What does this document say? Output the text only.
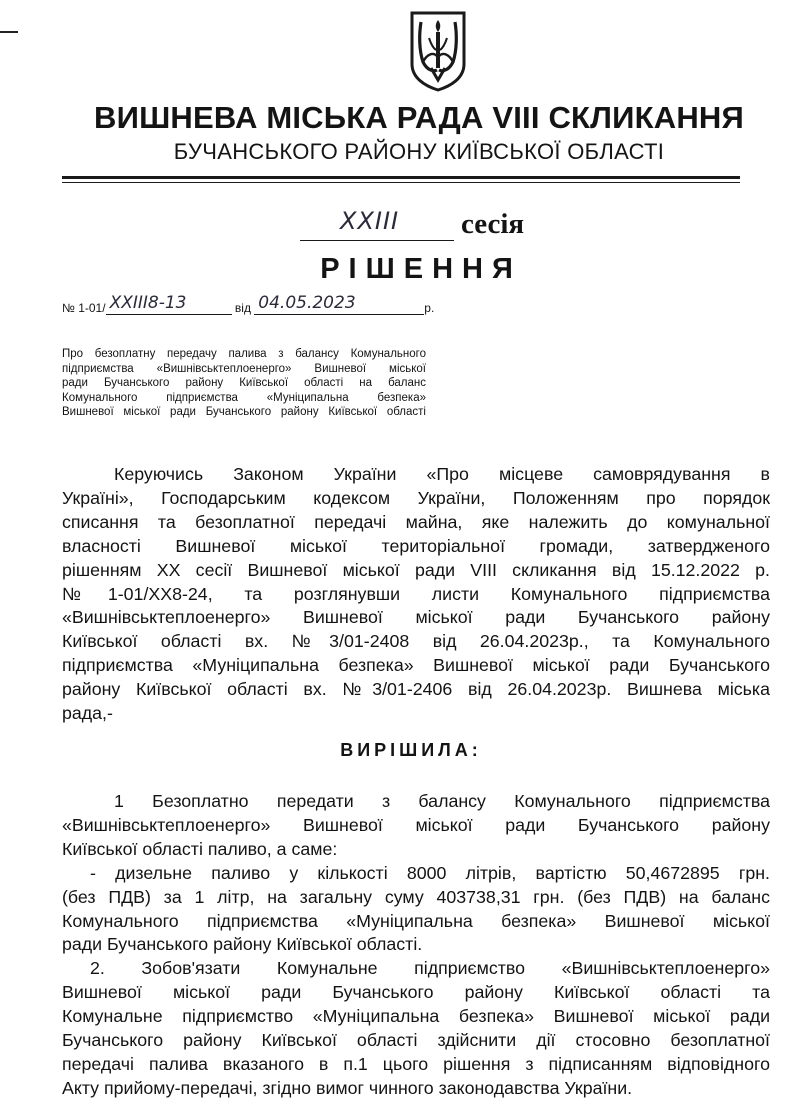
ВИШНЕВА МІСЬКА РАДА VIII СКЛИКАННЯ
БУЧАНСЬКОГО РАЙОНУ КИЇВСЬКОЇ ОБЛАСТІ
XXIII сесія
РІШЕННЯ
№ 1-01/ XXIII8-13	від 04.05.2023	р.
Про безоплатну передачу палива з балансу Комунального
підприємства «Вишнівськтеплоенерго» Вишневої міської
ради Бучанського району Київської області на баланс
Комунального підприємства «Муніципальна безпека»
Вишневої міської ради Бучанського району Київської області
Керуючись Законом України «Про місцеве самоврядування в
Україні», Господарським кодексом України, Положенням про порядок
списання та безоплатної передачі майна, яке належить до комунальної
власності Вишневої міської територіальної громади, затвердженого
рішенням XX сесії Вишневої міської ради VIII скликання від 15.12.2022 р.
№1-01/XX8-24, та розглянувши листи Комунального підприємства
«Вишнівськтеплоенерго» Вишневої міської ради Бучанського району
Київської області вх. №3/01-2408 від 26.04.2023р., та Комунального
підприємства «Муніципальна безпека» Вишневої міської ради Бучанського
району Київської області вх. №3/01-2406 від 26.04.2023р. Вишнева міська
рада,-
ВИРІШИЛА:
1 Безоплатно передати з балансу Комунального підприємства
«Вишнівськтеплоенерго» Вишневої міської ради Бучанського району
Київської області паливо, а саме:
- дизельне паливо у кількості 8000 літрів, вартістю 50,4672895 грн.
(без ПДВ) за 1 літр, на загальну суму 403738,31 грн. (без ПДВ) на баланс
Комунального підприємства «Муніципальна безпека» Вишневої міської
ради Бучанського району Київської області.
2. Зобов'язати Комунальне підприємство «Вишнівськтеплоенерго»
Вишневої міської ради Бучанського району Київської області та
Комунальне підприємство «Муніципальна безпека» Вишневої міської ради
Бучанського району Київської області здійснити дії стосовно безоплатної
передачі палива вказаного в п.1 цього рішення з підписанням відповідного
Акту прийому-передачі, згідно вимог чинного законодавства України.
